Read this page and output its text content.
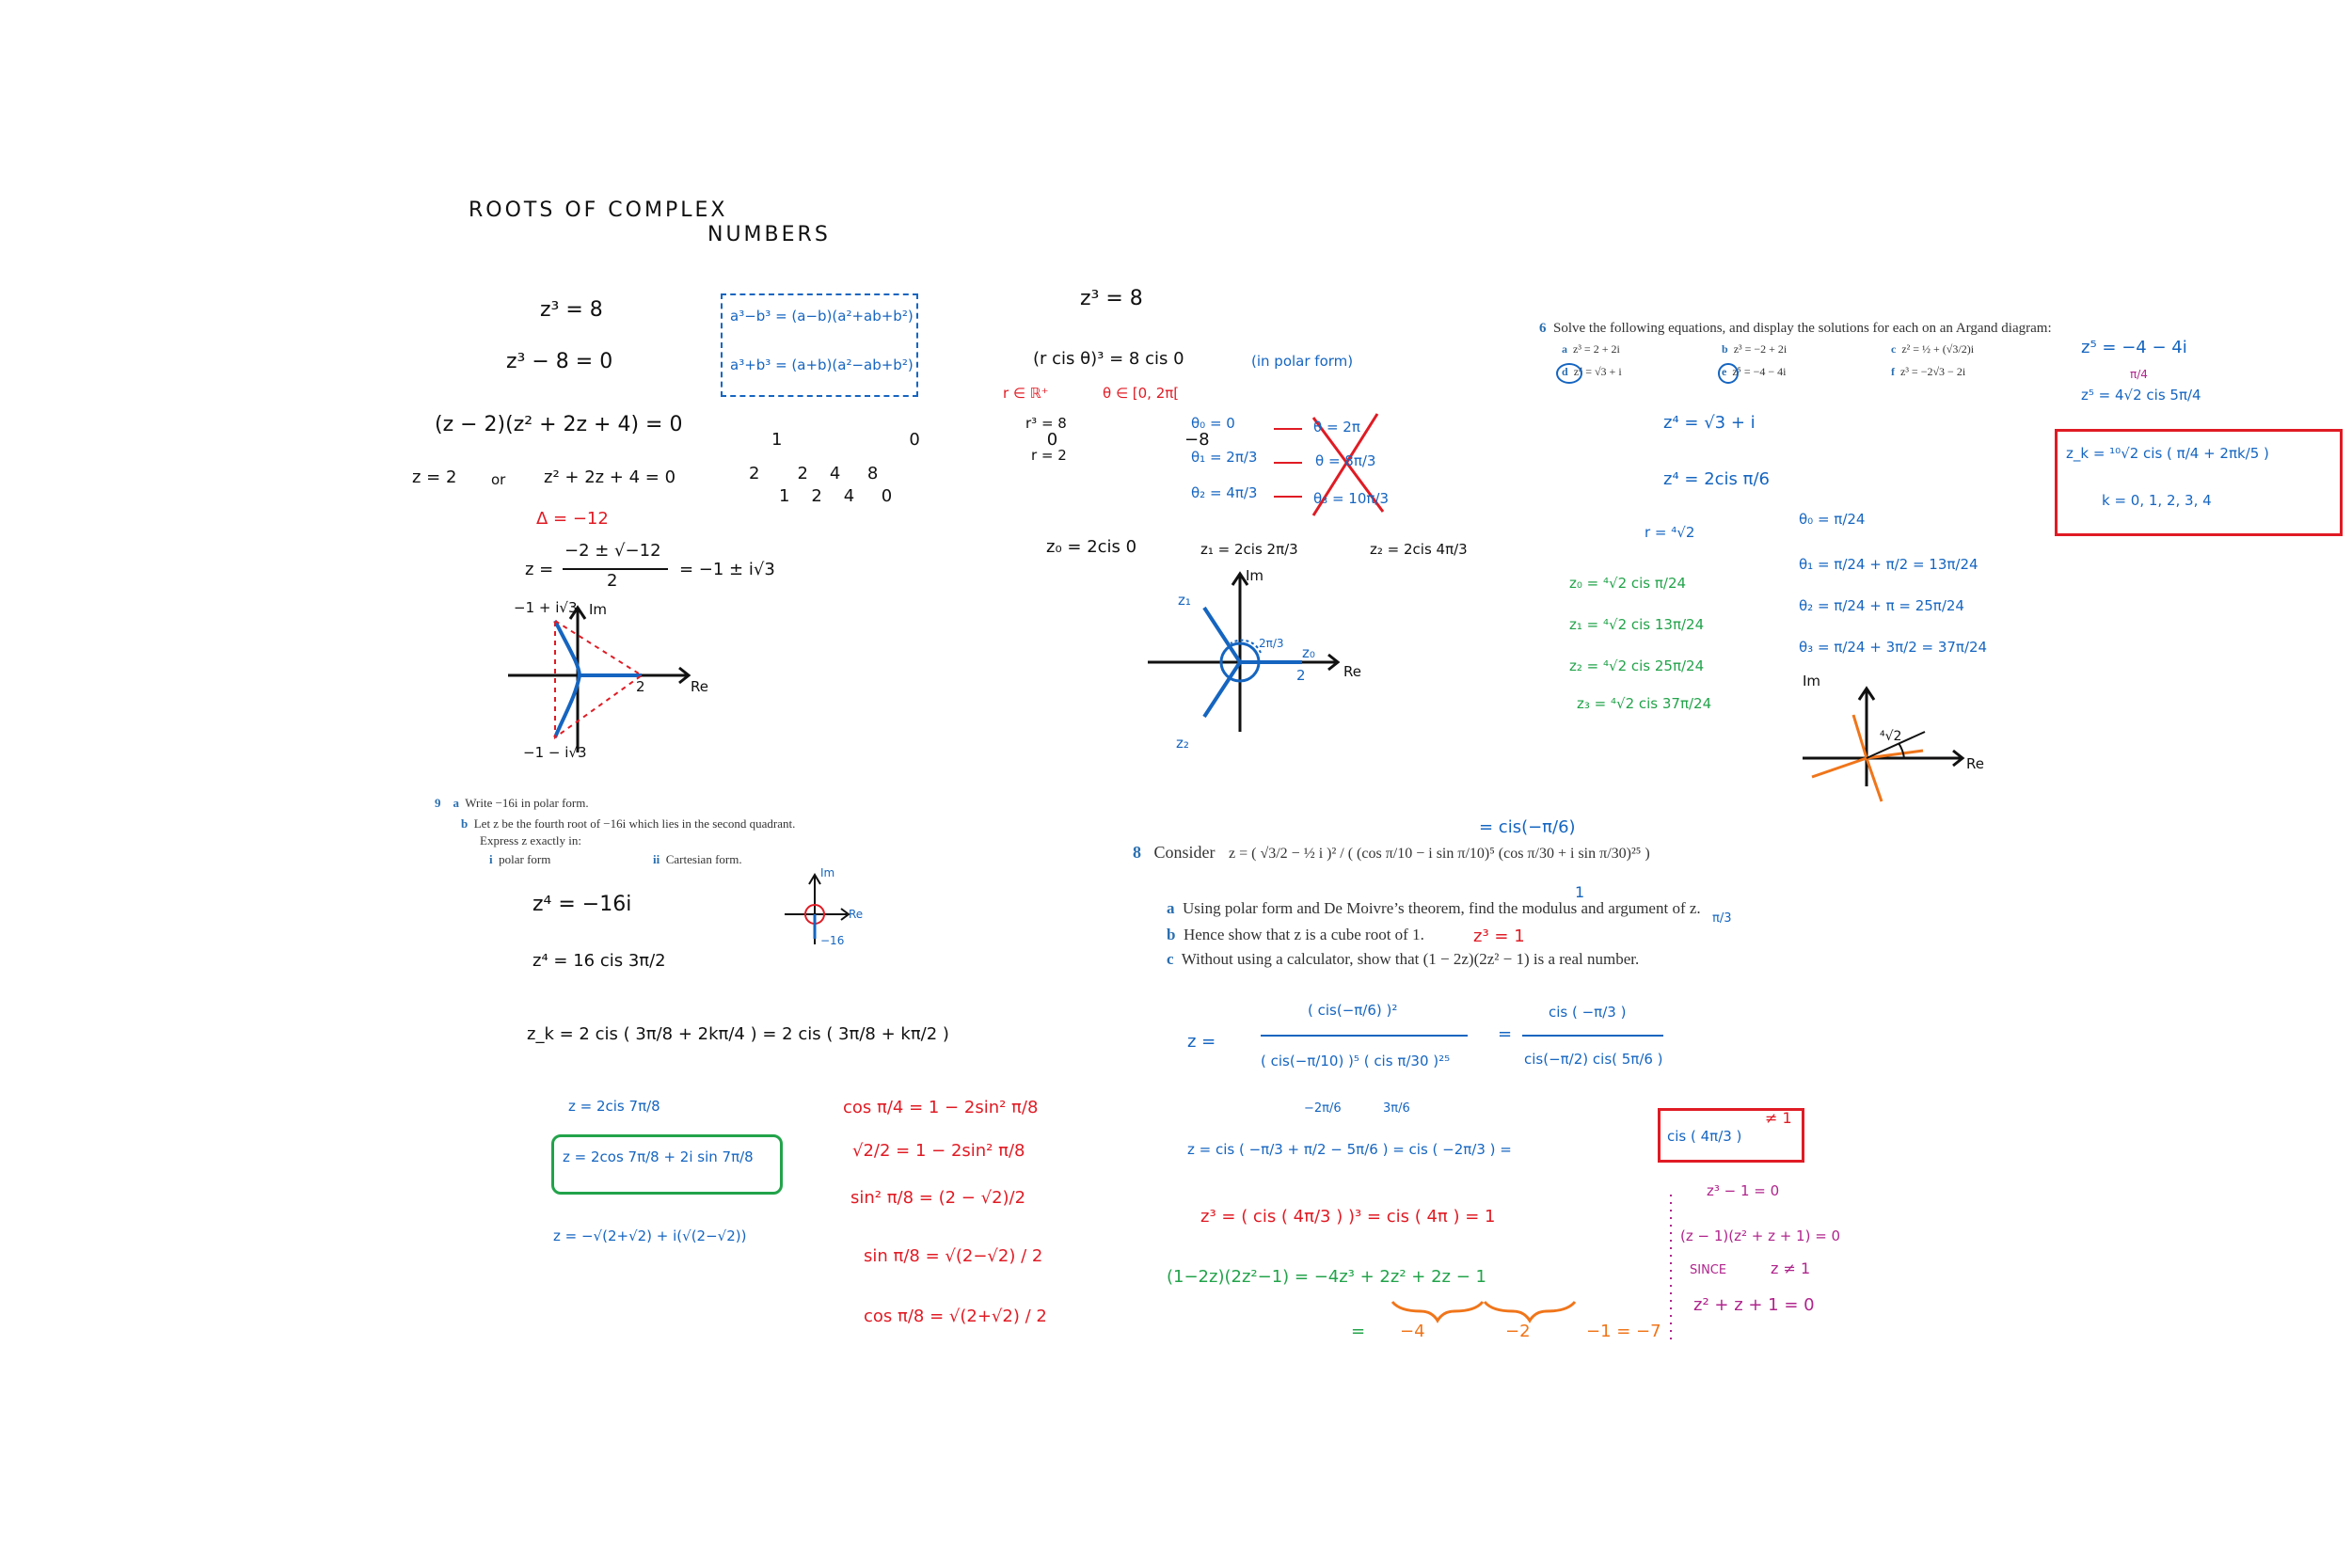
ROOTS OF COMPLEX
NUMBERS
z³ = 8
z³ − 8 = 0
(z − 2)(z² + 2z + 4) = 0
z = 2 or z² + 2z + 4 = 0
Δ = −12
z =
−2 ± √−12
2
= −1 ± i√3
a³−b³ = (a−b)(a²+ab+b²)
a³+b³ = (a+b)(a²−ab+b²)
1	0	0	−8
2 2 4 8
1 2 4 0
−1 + i√3
−1 − i√3
2
Im
Re
z³ = 8
(r cis θ)³ = 8 cis 0	(in polar form)
r ∈ ℝ⁺	θ ∈ [0, 2π[
r³ = 8
r = 2
θ₀ = 0
θ₁ = 2π/3
θ₂ = 4π/3
θ = 2π
θ = 8π/3
θ₃ = 10π/3
z₀ = 2cis 0	z₁ = 2cis 2π/3	z₂ = 2cis 4π/3
z₀
z₁
z₂
Im
Re
2
2π/3
6 Solve the following equations, and display the solutions for each on an Argand diagram:
a z³ = 2 + 2i	b z³ = −2 + 2i	c z² = ½ + (√3/2)i
d z⁴ = √3 + i	e z⁵ = −4 − 4i	f z³ = −2√3 − 2i
z⁴ = √3 + i
z⁴ = 2cis π/6
r = ⁴√2
θ₀ = π/24
θ₁ = π/24 + π/2 = 13π/24
θ₂ = π/24 + π = 25π/24
θ₃ = π/24 + 3π/2 = 37π/24
z₀ = ⁴√2 cis π/24
z₁ = ⁴√2 cis 13π/24
z₂ = ⁴√2 cis 25π/24
z₃ = ⁴√2 cis 37π/24
Im
Re
⁴√2
z⁵ = −4 − 4i
π/4
z⁵ = 4√2 cis 5π/4
z_k = ¹⁰√2 cis ( π/4 + 2πk/5 )
k = 0, 1, 2, 3, 4
9 a Write −16i in polar form.
b Let z be the fourth root of −16i which lies in the second quadrant.
Express z exactly in:
i polar form	ii Cartesian form.
z⁴ = −16i
z⁴ = 16 cis 3π/2
z_k = 2 cis ( 3π/8 + 2kπ/4 ) = 2 cis ( 3π/8 + kπ/2 )
z = 2cis 7π/8
z = 2cos 7π/8 + 2i sin 7π/8
z = −√(2+√2) + i(√(2−√2))
cos π/4 = 1 − 2sin² π/8
√2/2 = 1 − 2sin² π/8
sin² π/8 = (2 − √2)/2
sin π/8 = √(2−√2) / 2
cos π/8 = √(2+√2) / 2
Im
Re
−16
8 Consider z = ( √3/2 − ½ i )² / ( (cos π/10 − i sin π/10)⁵ (cos π/30 + i sin π/30)²⁵ )
= cis(−π/6)
a Using polar form and De Moivre’s theorem, find the modulus and argument of z.
b Hence show that z is a cube root of 1.	z³ = 1
c Without using a calculator, show that (1 − 2z)(2z² − 1) is a real number.
1
π/3
z =
( cis(−π/6) )²
( cis(−π/10) )⁵ ( cis π/30 )²⁵
=
cis ( −π/3 )
cis(−π/2) cis( 5π/6 )
−2π/6	3π/6
z = cis ( −π/3 + π/2 − 5π/6 ) = cis ( −2π/3 ) =
cis ( 4π/3 )
≠ 1
z³ = ( cis ( 4π/3 ) )³ = cis ( 4π ) = 1
(1−2z)(2z²−1) = −4z³ + 2z² + 2z − 1
= −4	−2	−1 = −7
z³ − 1 = 0
(z − 1)(z² + z + 1) = 0
SINCE	z ≠ 1
z² + z + 1 = 0
